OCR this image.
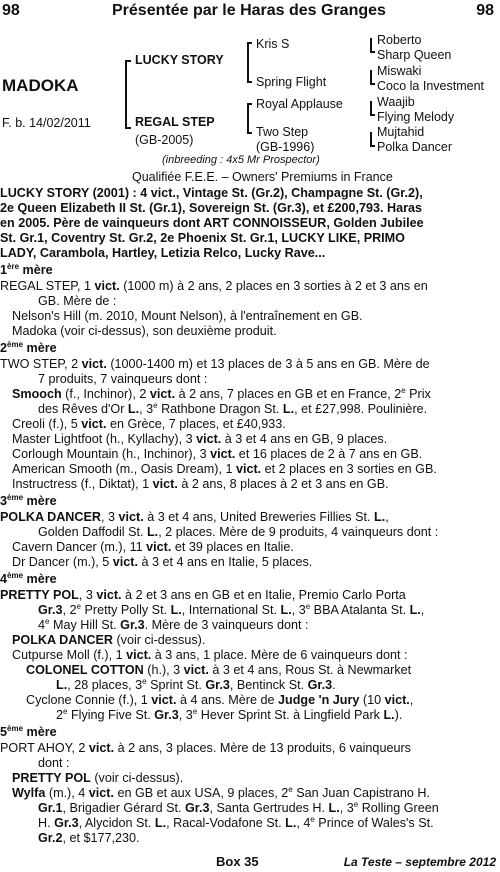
98	Présentée par le Haras des Granges	98
MADOKA
F. b. 14/02/2011
LUCKY STORY
REGAL STEP
(GB-2005)
Kris S
Spring Flight
Royal Applause
Two Step
(GB-1996)
Roberto
Sharp Queen
Miswaki
Coco la Investment
Waajib
Flying Melody
Mujtahid
Polka Dancer
(inbreeding : 4x5 Mr Prospector)
Qualifiée F.E.E. – Owners' Premiums in France
LUCKY STORY (2001) : 4 vict., Vintage St. (Gr.2), Champagne St. (Gr.2),
2e Queen Elizabeth II St. (Gr.1), Sovereign St. (Gr.3), et £200,793. Haras
en 2005. Père de vainqueurs dont ART CONNOISSEUR, Golden Jubilee
St. Gr.1, Coventry St. Gr.2, 2e Phoenix St. Gr.1, LUCKY LIKE, PRIMO
LADY, Carambola, Hartley, Letizia Relco, Lucky Rave...
1ère mère
REGAL STEP, 1 vict. (1000 m) à 2 ans, 2 places en 3 sorties à 2 et 3 ans en
GB. Mère de :
Nelson's Hill (m. 2010, Mount Nelson), à l'entraînement en GB.
Madoka (voir ci-dessus), son deuxième produit.
2ème mère
TWO STEP, 2 vict. (1000-1400 m) et 13 places de 3 à 5 ans en GB. Mère de
7 produits, 7 vainqueurs dont :
Smooch (f., Inchinor), 2 vict. à 2 ans, 7 places en GB et en France, 2e Prix
des Rêves d'Or L., 3e Rathbone Dragon St. L., et £27,998. Poulinière.
Creoli (f.), 5 vict. en Grèce, 7 places, et £40,933.
Master Lightfoot (h., Kyllachy), 3 vict. à 3 et 4 ans en GB, 9 places.
Corlough Mountain (h., Inchinor), 3 vict. et 16 places de 2 à 7 ans en GB.
American Smooth (m., Oasis Dream), 1 vict. et 2 places en 3 sorties en GB.
Instructress (f., Diktat), 1 vict. à 2 ans, 8 places à 2 et 3 ans en GB.
3ème mère
POLKA DANCER, 3 vict. à 3 et 4 ans, United Breweries Fillies St. L.,
Golden Daffodil St. L., 2 places. Mère de 9 produits, 4 vainqueurs dont :
Cavern Dancer (m.), 11 vict. et 39 places en Italie.
Dr Dancer (m.), 5 vict. à 3 et 4 ans en Italie, 5 places.
4ème mère
PRETTY POL, 3 vict. à 2 et 3 ans en GB et en Italie, Premio Carlo Porta
Gr.3, 2e Pretty Polly St. L., International St. L., 3e BBA Atalanta St. L.,
4e May Hill St. Gr.3. Mère de 3 vainqueurs dont :
POLKA DANCER (voir ci-dessus).
Cutpurse Moll (f.), 1 vict. à 3 ans, 1 place. Mère de 6 vainqueurs dont :
COLONEL COTTON (h.), 3 vict. à 3 et 4 ans, Rous St. à Newmarket
L., 28 places, 3e Sprint St. Gr.3, Bentinck St. Gr.3.
Cyclone Connie (f.), 1 vict. à 4 ans. Mère de Judge 'n Jury (10 vict.,
2e Flying Five St. Gr.3, 3e Hever Sprint St. à Lingfield Park L.).
5ème mère
PORT AHOY, 2 vict. à 2 ans, 3 places. Mère de 13 produits, 6 vainqueurs
dont :
PRETTY POL (voir ci-dessus).
Wylfa (m.), 4 vict. en GB et aux USA, 9 places, 2e San Juan Capistrano H.
Gr.1, Brigadier Gérard St. Gr.3, Santa Gertrudes H. L., 3e Rolling Green
H. Gr.3, Alycidon St. L., Racal-Vodafone St. L., 4e Prince of Wales's St.
Gr.2, et $177,230.
Box 35	La Teste – septembre 2012
